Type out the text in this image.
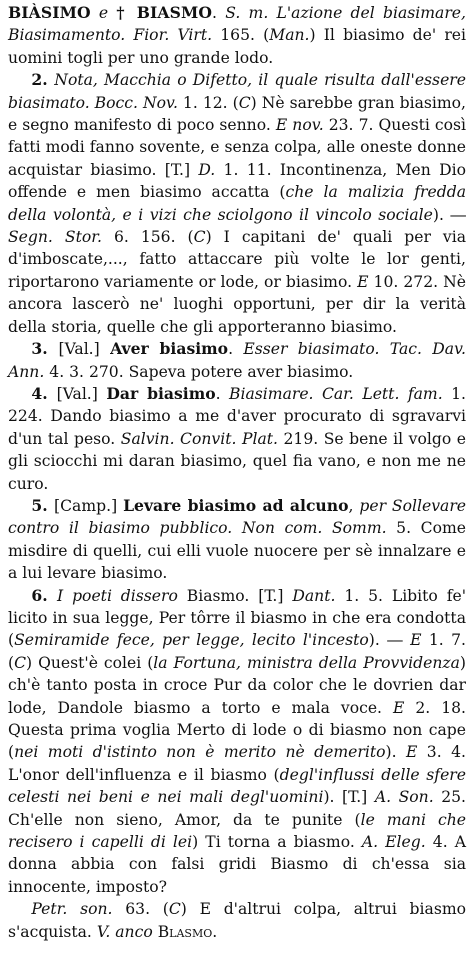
BIÀSIMO e † BIASMO. S. m. L'azione del biasimare, Biasimamento. Fior. Virt. 165. (Man.) Il biasimo de' rei uomini togli per uno grande lodo.

2. Nota, Macchia o Difetto, il quale risulta dall'essere biasimato. Bocc. Nov. 1. 12. (C) Nè sarebbe gran biasimo, e segno manifesto di poco senno. E nov. 23. 7. Questi così fatti modi fanno sovente, e senza colpa, alle oneste donne acquistar biasimo. [T.] D. 1. 11. Incontinenza, Men Dio offende e men biasimo accatta (che la malizia fredda della volontà, e i vizi che sciolgono il vincolo sociale). ― Segn. Stor. 6. 156. (C) I capitani de' quali per via d'imboscate,..., fatto attaccare più volte le lor genti, riportarono variamente or lode, or biasimo. E 10. 272. Nè ancora lascerò ne' luoghi opportuni, per dir la verità della storia, quelle che gli apporteranno biasimo.

3. [Val.] Aver biasimo. Esser biasimato. Tac. Dav. Ann. 4. 3. 270. Sapeva potere aver biasimo.

4. [Val.] Dar biasimo. Biasimare. Car. Lett. fam. 1. 224. Dando biasimo a me d'aver procurato di sgravarvi d'un tal peso. Salvin. Convit. Plat. 219. Se bene il volgo e gli sciocchi mi daran biasimo, quel fia vano, e non me ne curo.

5. [Camp.] Levare biasimo ad alcuno, per Sollevare contro il biasimo pubblico. Non com. Somm. 5. Come misdire di quelli, cui elli vuole nuocere per sè innalzare e a lui levare biasimo.

6. I poeti dissero Biasmo. [T.] Dant. 1. 5. Libito fe' licito in sua legge, Per tôrre il biasmo in che era condotta (Semiramide fece, per legge, lecito l'incesto). ― E 1. 7. (C) Quest'è colei (la Fortuna, ministra della Provvidenza) ch'è tanto posta in croce Pur da color che le dovrien dar lode, Dandole biasmo a torto e mala voce. E 2. 18. Questa prima voglia Merto di lode o di biasmo non cape (nei moti d'istinto non è merito nè demerito). E 3. 4. L'onor dell'influenza e il biasmo (degl'influssi delle sfere celesti nei beni e nei mali degl'uomini). [T.] A. Son. 25. Ch'elle non sieno, Amor, da te punite (le mani che recisero i capelli di lei) Ti torna a biasmo. A. Eleg. 4. A donna abbia con falsi gridi Biasmo di ch'essa sia innocente, imposto?

Petr. son. 63. (C) E d'altrui colpa, altrui biasmo s'acquista. V. anco Blasmo.
